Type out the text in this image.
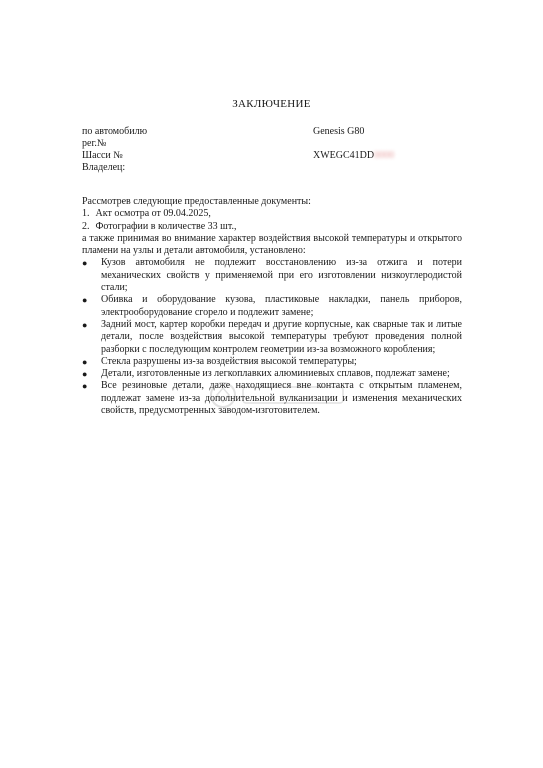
ЗАКЛЮЧЕНИЕ
по автомобилю	Genesis G80
рег.№
Шасси №	XWEGC41DD0000
Владелец:

Рассмотрев следующие предоставленные документы:

1. Акт осмотра от 09.04.2025,
2. Фотографии в количестве 33 шт.,

а также принимая во внимание характер воздействия высокой температуры и открытого пламени на узлы и детали автомобиля, установлено:

● Кузов автомобиля не подлежит восстановлению из-за отжига и потери механических свойств у применяемой при его изготовлении низкоуглеродистой стали;
● Обивка и оборудование кузова, пластиковые накладки, панель приборов, электрооборудование сгорело и подлежит замене;
● Задний мост, картер коробки передач и другие корпусные, как сварные так и литые детали, после воздействия высокой температуры требуют проведения полной разборки с последующим контролем геометрии из-за возможного коробления;
● Стекла разрушены из-за воздействия высокой температуры;
● Детали, изготовленные из легкоплавких алюминиевых сплавов, подлежат замене;
● Все резиновые детали, даже находящиеся вне контакта с открытым пламенем, подлежат замене из-за дополнительной вулканизации и изменения механических свойств, предусмотренных заводом-изготовителем.
